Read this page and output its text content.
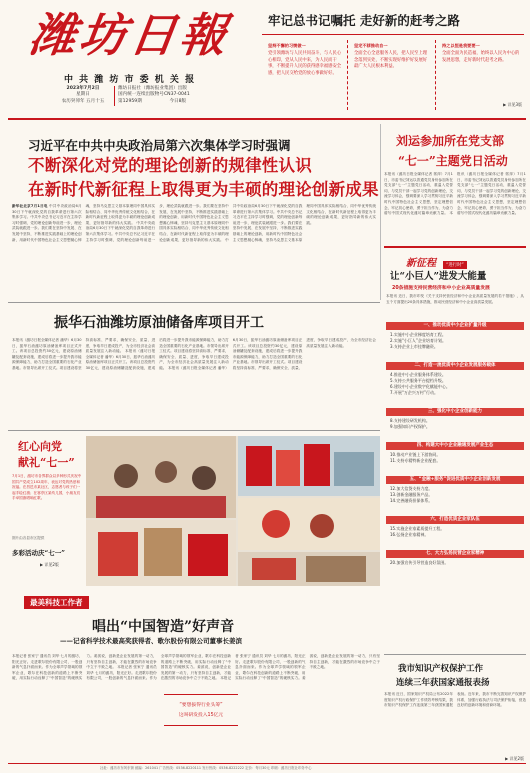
潍坊日報
中 共 潍 坊 市 委 机 关 报
2023年7月2日
星期日
农历癸卯年 五月十五
潍坊日报社（潍坊报业集团）出版
国内统一连续出版物号CN37-0041
第12959期　　　　　　	今日8版
牢记总书记嘱托 走好新的赶考之路
坚持不懈的习惯做一
党引领潍坊与人民共同奋斗，与人民心心相印，党从人民中来，为人民而干事，不断提升人民的获得感幸福感安全感，把人民交给党的放心事做好好。
坚定不移推动自一
全面全心全意服务人民，把人民至上理念落到实处，不断实现好维护好发展好最广大人民根本利益。
持之以恒是我要要一
全面全面为民造福，始终以人民为中心的发展思想，走好新时代赶考之路。
▶ 详见3版
习近平在中共中央政治局第六次集体学习时强调
不断深化对党的理论创新的规律性认识
在新时代新征程上取得更为丰硕的理论创新成果
新华社北京7月1日电 中共中央政治局6月30日下午就深化党的自我革命进行第六次集体学习。中共中央总书记习近平在主持学习时强调，党的理论创新每前进一步，理论武装就跟进一步。我们要在坚持中发展、在发展中坚持，不断推进实践基础上的理论创新，用新时代中国特色社会主义思想凝心铸魂，坚持马克思主义基本原理同中国具体实际相结合、同中华优秀传统文化相结合，在新时代新征程上取得更为丰硕的理论创新成果，更好指导新的伟大实践。 中共中央政治局6月30日下午就深化党的自我革命进行第六次集体学习。中共中央总书记习近平在主持学习时强调，党的理论创新每前进一步，理论武装就跟进一步。我们要在坚持中发展、在发展中坚持，不断推进实践基础上的理论创新，用新时代中国特色社会主义思想凝心铸魂，坚持马克思主义基本原理同中国具体实际相结合、同中华优秀传统文化相结合，在新时代新征程上取得更为丰硕的理论创新成果，更好指导新的伟大实践。 中共中央政治局6月30日下午就深化党的自我革命进行第六次集体学习。中共中央总书记习近平在主持学习时强调，党的理论创新每前进一步，理论武装就跟进一步。我们要在坚持中发展、在发展中坚持，不断推进实践基础上的理论创新，用新时代中国特色社会主义思想凝心铸魂，坚持马克思主义基本原理同中国具体实际相结合、同中华优秀传统文化相结合，在新时代新征程上取得更为丰硕的理论创新成果，更好指导新的伟大实践。
刘运参加所在党支部
“七一”主题党日活动
本报讯（潍坊日报全媒体记者 郭萍）7月1日，市委书记刘运以普通党员身份参加所在党支部“七一”主题党日活动，重温入党誓词，与党员干部一起学习党的创新理论，交流学习体会，强调要深入学习贯彻习近平新时代中国特色社会主义思想，坚定理想信念，牢记初心使命，勇于担当作为，为奋力谱写中国式现代化潍坊篇章贡献力量。 本报讯（潍坊日报全媒体记者 郭萍）7月1日，市委书记刘运以普通党员身份参加所在党支部“七一”主题党日活动，重温入党誓词，与党员干部一起学习党的创新理论，交流学习体会，强调要深入学习贯彻习近平新时代中国特色社会主义思想，坚定理想信念，牢记初心使命，勇于担当作为，为奋力谱写中国式现代化潍坊篇章贡献力量。
新征程 “进行时”
让“小巨人”进发大能量
20条措施支持民营经济和中小企业高质量发展
本报讯 近日，我市印发《关于支持民营经济和中小企业高质量发展的若干措施》，从五个方面提出20条具体措施，推动民营经济和中小企业高质量发展。
一、推动优质中小企业扩量升级
1.实施中小企业梯度培育工程。
2.实施“小巨人”企业培育计划。
3.支持企业上市挂牌融资。
二、打造一流优质中小企业发展服务载体
4.推进中小企业服务体系建设。
5.支持公共服务平台提档升级。
6.建设中小企业数字化赋能中心。
7.开展“万企兴万村”行动。
三、强化中小企业创新能力
8.支持建设研发机构。
9.加强知识产权保护。
四、构建大中小企业融通发展产业生态
10.推动产业链上下游协同。
11.支持专精特新企业配套。
五、“金融+服务”促进优质中小企业创新发展
12.加大信贷支持力度。
13.创新金融服务产品。
14.完善融资担保体系。
六、打造优质企业家队伍
15.实施企业家素质提升工程。
16.弘扬企业家精神。
七、大力弘扬民营企业家精神
20.加强宣传引导营造良好氛围。
振华石油潍坊原油储备库项目开工
本报讯（潍坊日报全媒体记者 潘华）6月30日，振华石油潍坊原油储备库项目正式开工。该项目总投资约30亿元，建设原油储罐及配套设施，建成后将进一步提升我市能源保障能力，助力打造全国重要的石化产业基地。市领导出席开工仪式。项目建设将坚持高标准、严要求，确保安全、质量、进度，争取早日建成投产，为全市经济社会高质量发展注入新动能。 本报讯（潍坊日报全媒体记者 潘华）6月30日，振华石油潍坊原油储备库项目正式开工。该项目总投资约30亿元，建设原油储罐及配套设施，建成后将进一步提升我市能源保障能力，助力打造全国重要的石化产业基地。市领导出席开工仪式。项目建设将坚持高标准、严要求，确保安全、质量、进度，争取早日建成投产，为全市经济社会高质量发展注入新动能。 本报讯（潍坊日报全媒体记者 潘华）6月30日，振华石油潍坊原油储备库项目正式开工。该项目总投资约30亿元，建设原油储罐及配套设施，建成后将进一步提升我市能源保障能力，助力打造全国重要的石化产业基地。市领导出席开工仪式。项目建设将坚持高标准、严要求，确保安全、质量、进度，争取早日建成投产，为全市经济社会高质量发展注入新动能。
红心向党
献礼“七一”
7月1日，潍坊市各界群众以多种形式庆祝中国共产党成立102周年，表达对党的热爱和祝福。在昌邑市某社区，志愿者与孩子们一起手绘红旗；在寒亭区某幼儿园，小朋友们手举国旗唱响红歌。
图片由各县市区提供
多彩活动庆“七一”
▶ 详见2版
最美科技工作者
唱出“中国智造”好声音
——记省科学技术最高奖获得者、歌尔股份有限公司董事长姜滨
本报记者 张家宁 通讯员 刘华 七月的潍坊，阳光正好。走进歌尔股份有限公司，一股创新的气息扑面而来。作为全球声学领域的领军企业，歌尔在科技创新的道路上不断突破，用实际行动诠释了“中国智造”的硬核实力。姜滨说，创新是企业发展的第一动力，只有坚持自主创新，才能在激烈的市场竞争中立于不败之地。 本报记者 张家宁 通讯员 刘华 七月的潍坊，阳光正好。走进歌尔股份有限公司，一股创新的气息扑面而来。作为全球声学领域的领军企业，歌尔在科技创新的道路上不断突破，用实际行动诠释了“中国智造”的硬核实力。姜滨说，创新是企业发展的第一动力，只有坚持自主创新，才能在激烈的市场竞争中立于不败之地。 本报记者 张家宁 通讯员 刘华 七月的潍坊，阳光正好。走进歌尔股份有限公司，一股创新的气息扑面而来。作为全球声学领域的领军企业，歌尔在科技创新的道路上不断突破，用实际行动诠释了“中国智造”的硬核实力。姜滨说，创新是企业发展的第一动力，只有坚持自主创新，才能在激烈的市场竞争中立于不败之地。
“要想拔得行业头筹”
这叫研发投入15亿元
我市知识产权保护工作
连续三年获国家通报表扬
本报讯 近日，国家知识产权局公布2022年度知识产权行政保护工作绩效考核结果，我市知识产权保护工作连续第三年获国家通报表扬。近年来，我市不断完善知识产权保护体系，加强行政执法与司法保护衔接，营造良好的创新环境和营商环境。
▶ 详见2版
社址：潍坊市东风东街 邮编：261041 广告热线：0536-8220111 发行热线：0536-8222222 定价：每月30元 印刷：潍坊日报社印务中心
